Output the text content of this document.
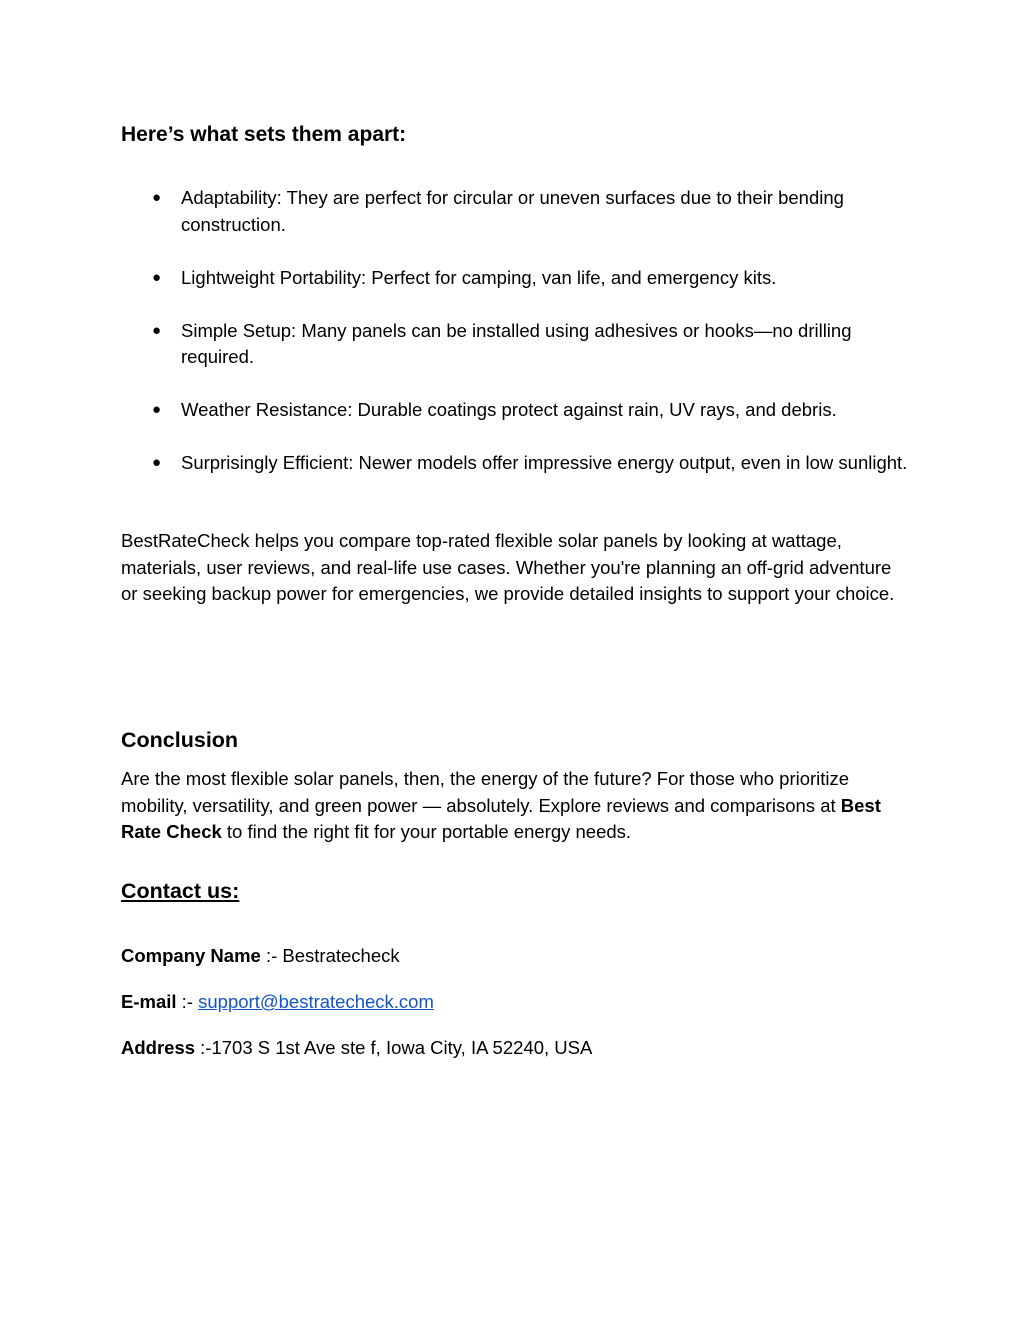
Here’s what sets them apart:
● Adaptability: They are perfect for circular or uneven surfaces due to their bending construction.
● Lightweight Portability: Perfect for camping, van life, and emergency kits.
● Simple Setup: Many panels can be installed using adhesives or hooks—no drilling required.
● Weather Resistance: Durable coatings protect against rain, UV rays, and debris.
● Surprisingly Efficient: Newer models offer impressive energy output, even in low sunlight.

BestRateCheck helps you compare top-rated flexible solar panels by looking at wattage, materials, user reviews, and real-life use cases. Whether you're planning an off-grid adventure or seeking backup power for emergencies, we provide detailed insights to support your choice.

Conclusion

Are the most flexible solar panels, then, the energy of the future? For those who prioritize mobility, versatility, and green power — absolutely. Explore reviews and comparisons at Best Rate Check to find the right fit for your portable energy needs.

Contact us:

Company Name :- Bestratecheck

E-mail :- support@bestratecheck.com

Address :-1703 S 1st Ave ste f, Iowa City, IA 52240, USA
